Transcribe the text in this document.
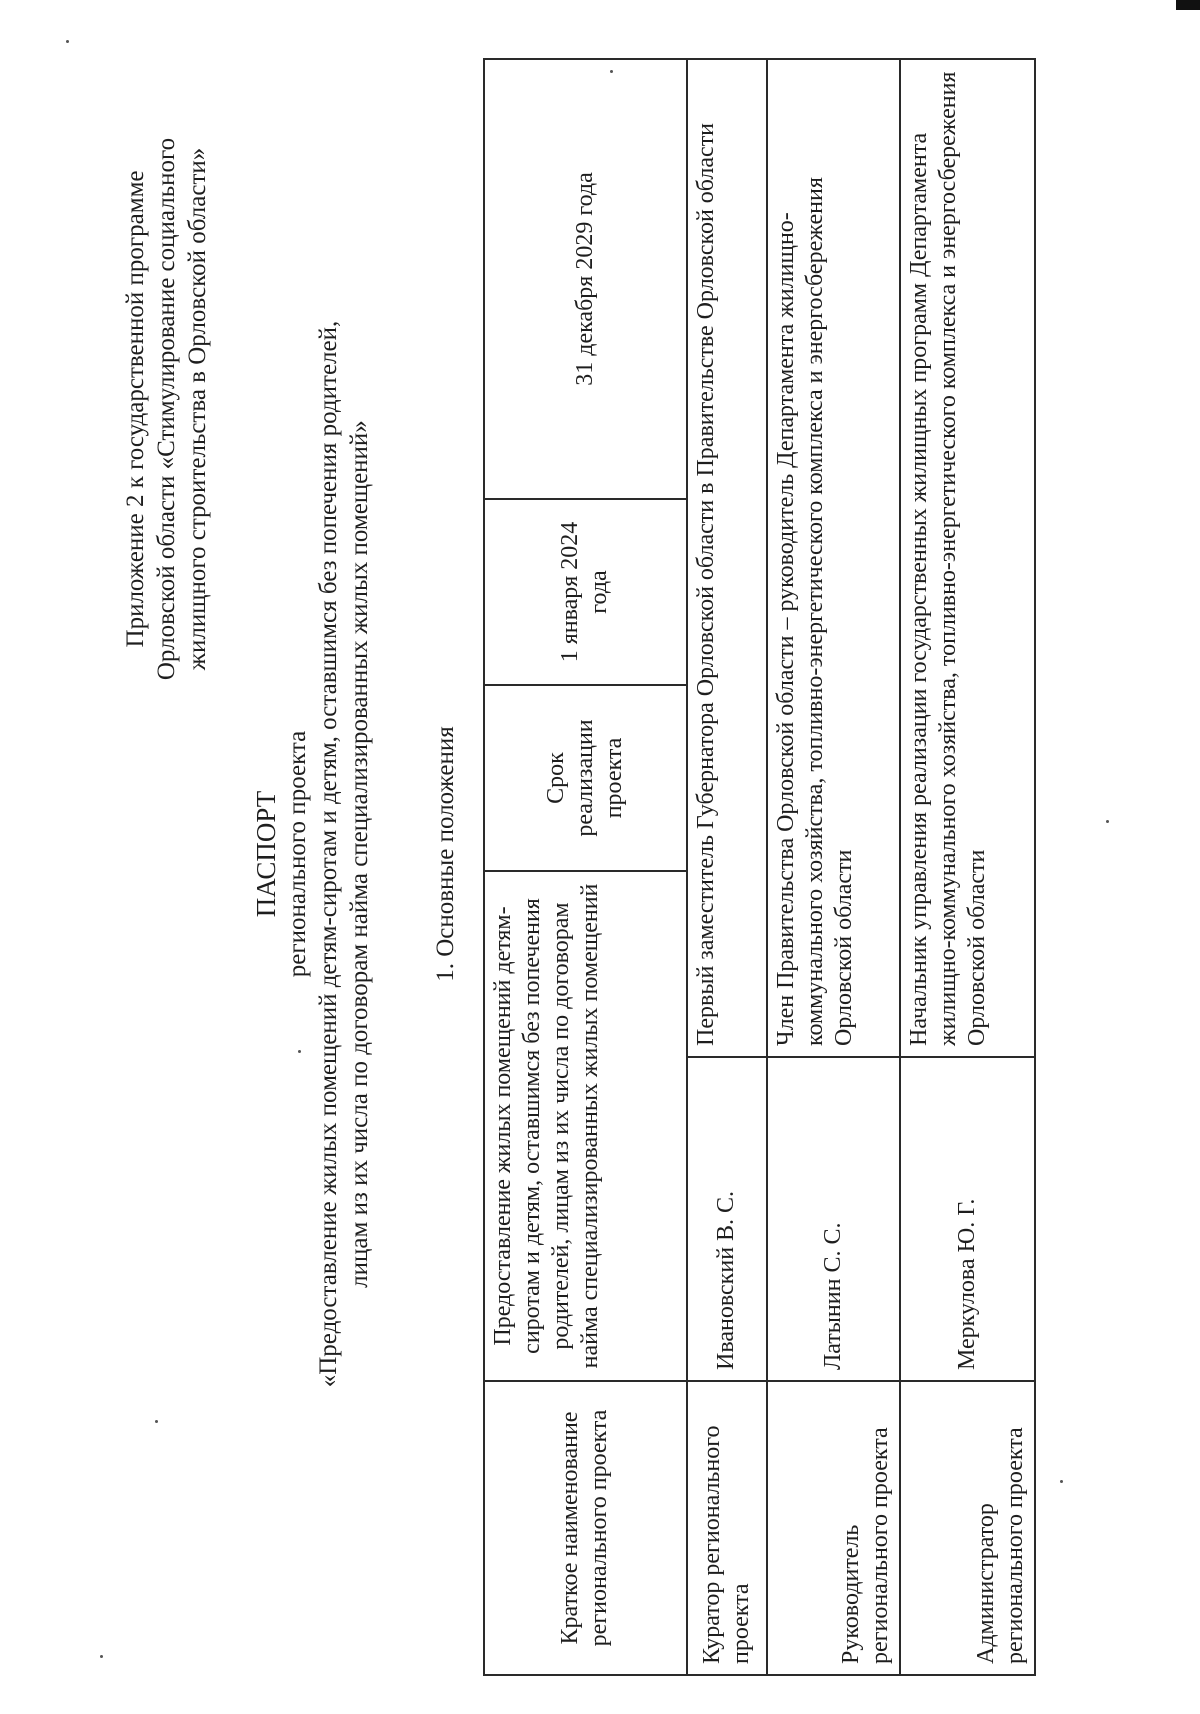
Приложение 2 к государственной программе Орловской области «Стимулирование социального жилищного строительства в Орловской области»
ПАСПОРТ регионального проекта «Предоставление жилых помещений детям-сиротам и детям, оставшимся без попечения родителей, лицам из их числа по договорам найма специализированных жилых помещений» 1. Основные положения
Краткое наименование регионального проекта	Предоставление жилых помещений детям-сиротам и детям, оставшимся без попечения родителей, лицам из их числа по договорам найма специализированных жилых помещений		Срок реализации проекта	1 января 2024 года	31 декабря 2029 года
Куратор регионального проекта	Ивановский В. С.	Первый заместитель Губернатора Орловской области в Правительстве Орловской области			
Руководитель регионального проекта	Латынин С. С.	Член Правительства Орловской области – руководитель Департамента жилищно-коммунального хозяйства, топливно-энергетического комплекса и энергосбережения Орловской области			
Администратор регионального проекта	Меркулова Ю. Г.	Начальник управления реализации государственных жилищных программ Департамента жилищно-коммунального хозяйства, топливно-энергетического комплекса и энергосбережения Орловской области			
